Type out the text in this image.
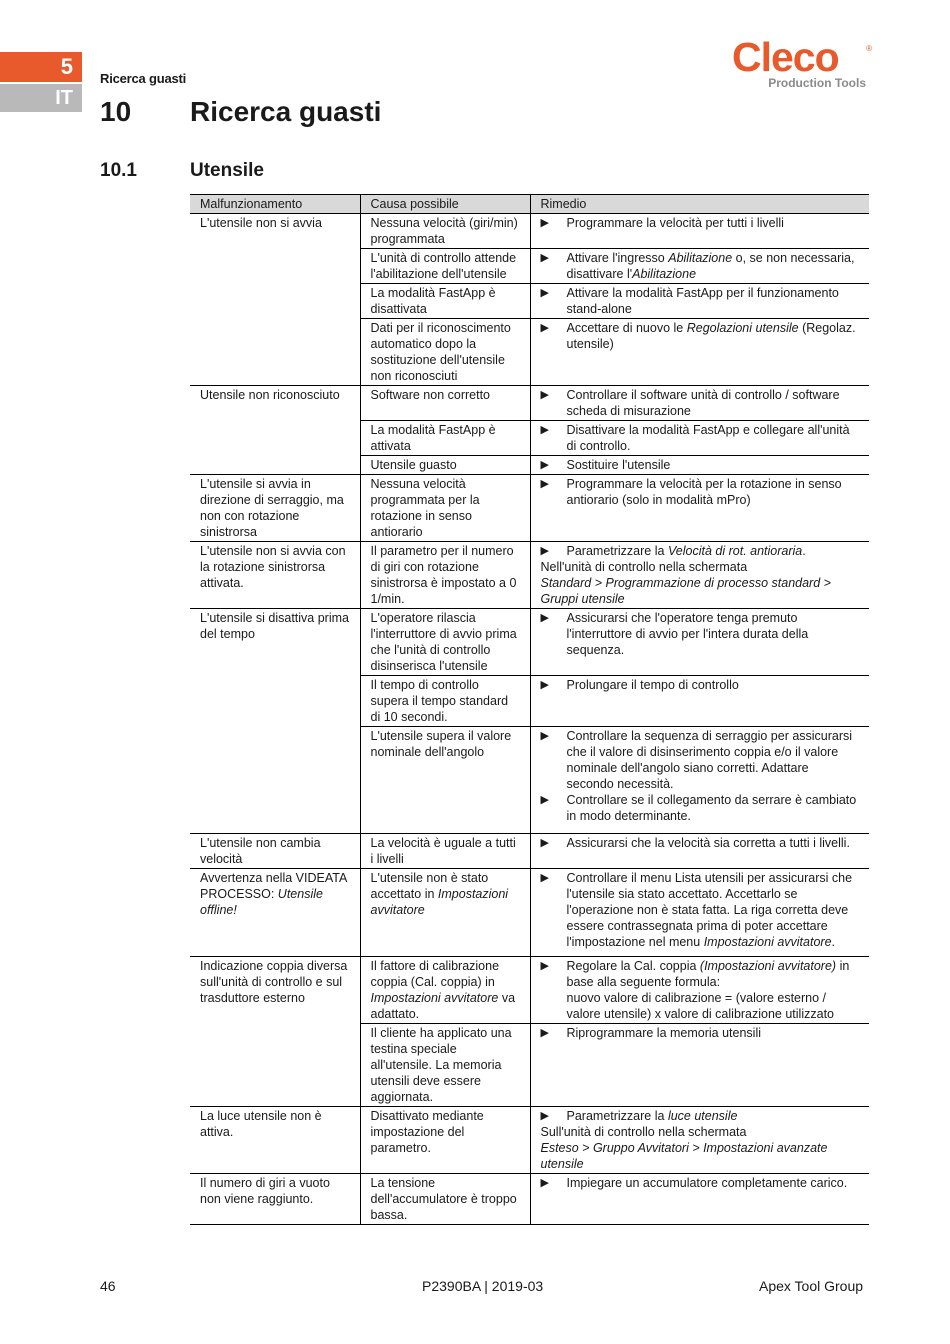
5
IT
Ricerca guasti	Cleco	®
Production Tools
10 Ricerca guasti
10.1	Utensile
Malfunzionamento	Causa possibile	Rimedio
L'utensile non si avvia	Nessuna velocità (giri/min) programmata	▶ Programmare la velocità per tutti i livelli

	L'unità di controllo attende l'abilitazione dell'utensile	▶ Attivare l'ingresso Abilitazione o, se non necessaria, disattivare l'Abilitazione

	La modalità FastApp è disattivata	▶ Attivare la modalità FastApp per il funzionamento stand-alone

	Dati per il riconoscimento automatico dopo la sostituzione dell'utensile non riconosciuti	▶ Accettare di nuovo le Regolazioni utensile (Regolaz. utensile)

Utensile non riconosciuto	Software non corretto	▶ Controllare il software unità di controllo / software scheda di misurazione

	La modalità FastApp è attivata	▶ Disattivare la modalità FastApp e collegare all'unità di controllo.

	Utensile guasto	▶ Sostituire l'utensile

L'utensile si avvia in direzione di serraggio, ma non con rotazione sinistrorsa	Nessuna velocità programmata per la rotazione in senso antiorario	▶ Programmare la velocità per la rotazione in senso antiorario (solo in modalità mPro)

L'utensile non si avvia con la rotazione sinistrorsa attivata.	Il parametro per il numero di giri con rotazione sinistrorsa è impostato a 0 1/min.	▶ Parametrizzare la Velocità di rot. antioraria.
Nell'unità di controllo nella schermata
Standard > Programmazione di processo standard > Gruppi utensile

L'utensile si disattiva prima del tempo	L'operatore rilascia l'interruttore di avvio prima che l'unità di controllo disinserisca l'utensile	▶ Assicurarsi che l'operatore tenga premuto l'interruttore di avvio per l'intera durata della sequenza.

	Il tempo di controllo supera il tempo standard di 10 secondi.	▶ Prolungare il tempo di controllo

	L'utensile supera il valore nominale dell'angolo	▶ Controllare la sequenza di serraggio per assicurarsi che il valore di disinserimento coppia e/o il valore nominale dell'angolo siano corretti. Adattare secondo necessità.
▶ Controllare se il collegamento da serrare è cambiato in modo determinante.

L'utensile non cambia velocità	La velocità è uguale a tutti i livelli	▶ Assicurarsi che la velocità sia corretta a tutti i livelli.

Avvertenza nella VIDEATA PROCESSO: Utensile offline!	L'utensile non è stato accettato in Impostazioni avvitatore	▶ Controllare il menu Lista utensili per assicurarsi che l'utensile sia stato accettato. Accettarlo se l'operazione non è stata fatta. La riga corretta deve essere contrassegnata prima di poter accettare l'impostazione nel menu Impostazioni avvitatore.

Indicazione coppia diversa sull'unità di controllo e sul trasduttore esterno	Il fattore di calibrazione coppia (Cal. coppia) in Impostazioni avvitatore va adattato.	▶ Regolare la Cal. coppia (Impostazioni avvitatore) in base alla seguente formula:
nuovo valore di calibrazione = (valore esterno / valore utensile) x valore di calibrazione utilizzato

	Il cliente ha applicato una testina speciale all'utensile. La memoria utensili deve essere aggiornata.	▶ Riprogrammare la memoria utensili

La luce utensile non è attiva.	Disattivato mediante impostazione del parametro.	▶ Parametrizzare la luce utensile
Sull'unità di controllo nella schermata
Esteso > Gruppo Avvitatori > Impostazioni avanzate utensile

Il numero di giri a vuoto non viene raggiunto.	La tensione dell'accumulatore è troppo bassa.	▶ Impiegare un accumulatore completamente carico.
46	P2390BA | 2019-03	Apex Tool Group
